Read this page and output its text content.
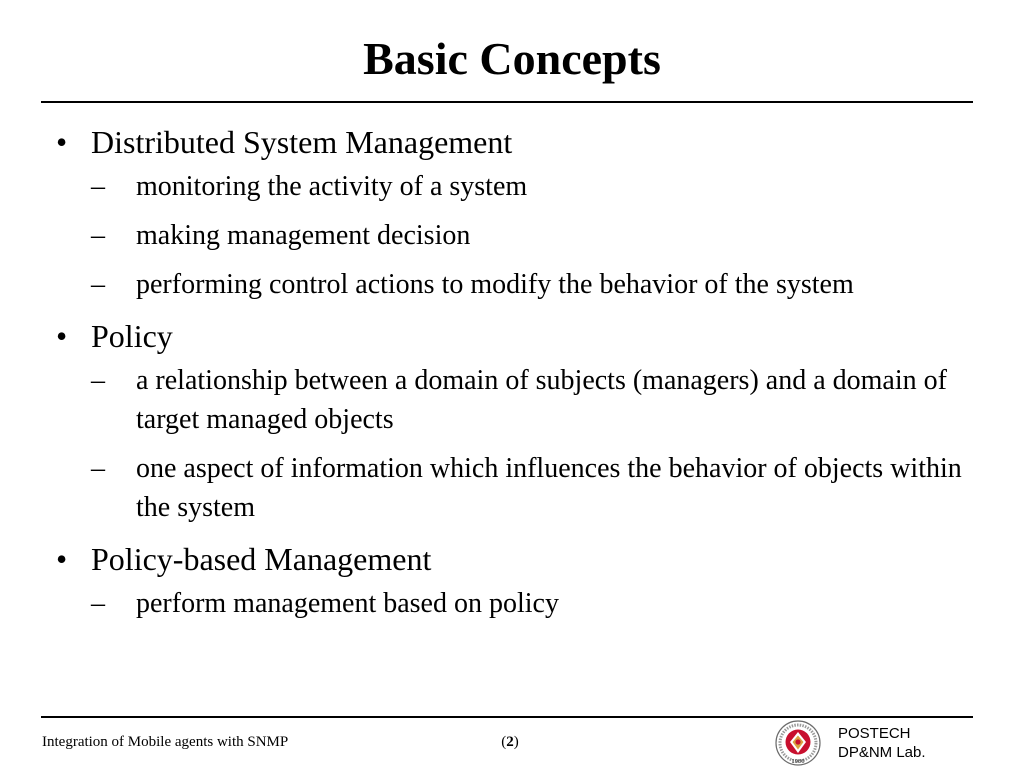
Basic Concepts
• Distributed System Management
– monitoring the activity of a system
– making management decision
– performing control actions to modify the behavior of the system
• Policy
– a relationship between a domain of subjects (managers) and a domain of target managed objects
– one aspect of information which influences the behavior of objects within the system
• Policy-based Management
– perform management based on policy
Integration of Mobile agents with SNMP	(2)
1986
POSTECH
DP&NM Lab.
